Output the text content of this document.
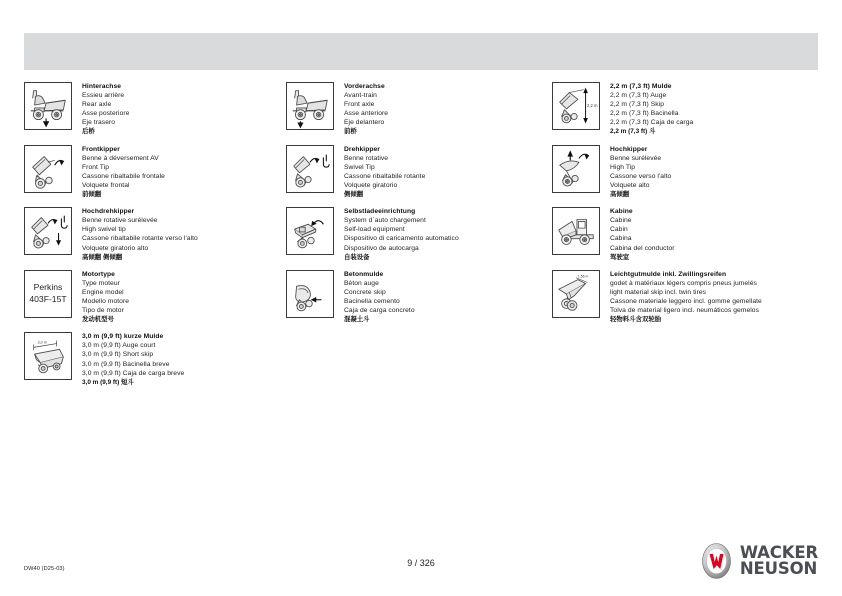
Hinterachse
Essieu arrière
Rear axle
Asse posteriore
Eje trasero
后桥
Frontkipper
Benne à déversement AV
Front Tip
Cassone ribaltabile frontale
Volquete frontal
前倾翻
Hochdrehkipper
Benne rotative surélevée
High swivel tip
Cassone ribaltabile rotante verso l'alto
Volquete giratorio alto
高倾翻 侧倾翻
Perkins
403F-15T
Motortype
Type moteur
Engine model
Modello motore
Tipo de motor
发动机型号
3,0 m
3,0 m (9,9 ft) kurze Mulde
3,0 m (9,9 ft) Auge court
3,0 m (9,9 ft) Short skip
3,0 m (9,9 ft) Bacinella breve
3,0 m (9,9 ft) Caja de carga breve
3,0 m (9,9 ft) 短斗
Vorderachse
Avant-train
Front axle
Asse anteriore
Eje delantero
前桥
Drehkipper
Benne rotative
Swivel Tip
Cassone ribaltabile rotante
Volquete giratorio
侧倾翻
Selbstladeeinrichtung
System d´auto chargement
Self-load equipment
Dispositivo di caricamento automatico
Dispositivo de autocarga
自装设备
Betonmulde
Béton auge
Concrete skip
Bacinella cemento
Caja de carga concreto
混凝土斗
2,2 m
2,2 m (7,3 ft) Mulde
2,2 m (7,3 ft) Auge
2,2 m (7,3 ft) Skip
2,2 m (7,3 ft) Bacinella
2,2 m (7,3 ft) Caja de carga
2,2 m (7,3 ft) 斗
Hochkipper
Benne surélevée
High Tip
Cassone verso l'alto
Volquete alto
高倾翻
Kabine
Cabine
Cabin
Cabina
Cabina del conductor
驾驶室
1,56 m	Leichtgutmulde inkl. Zwillingsreifen
godet à matériaux légers compris pneus jumelés
light material skip incl. twin tires
Cassone materiale leggero incl. gomme gemellate
Tolva de material ligero incl. neumáticos gemelos
轻物料斗含双轮胎
DW40 (D25-03)
9 / 326
WACKER
NEUSON
